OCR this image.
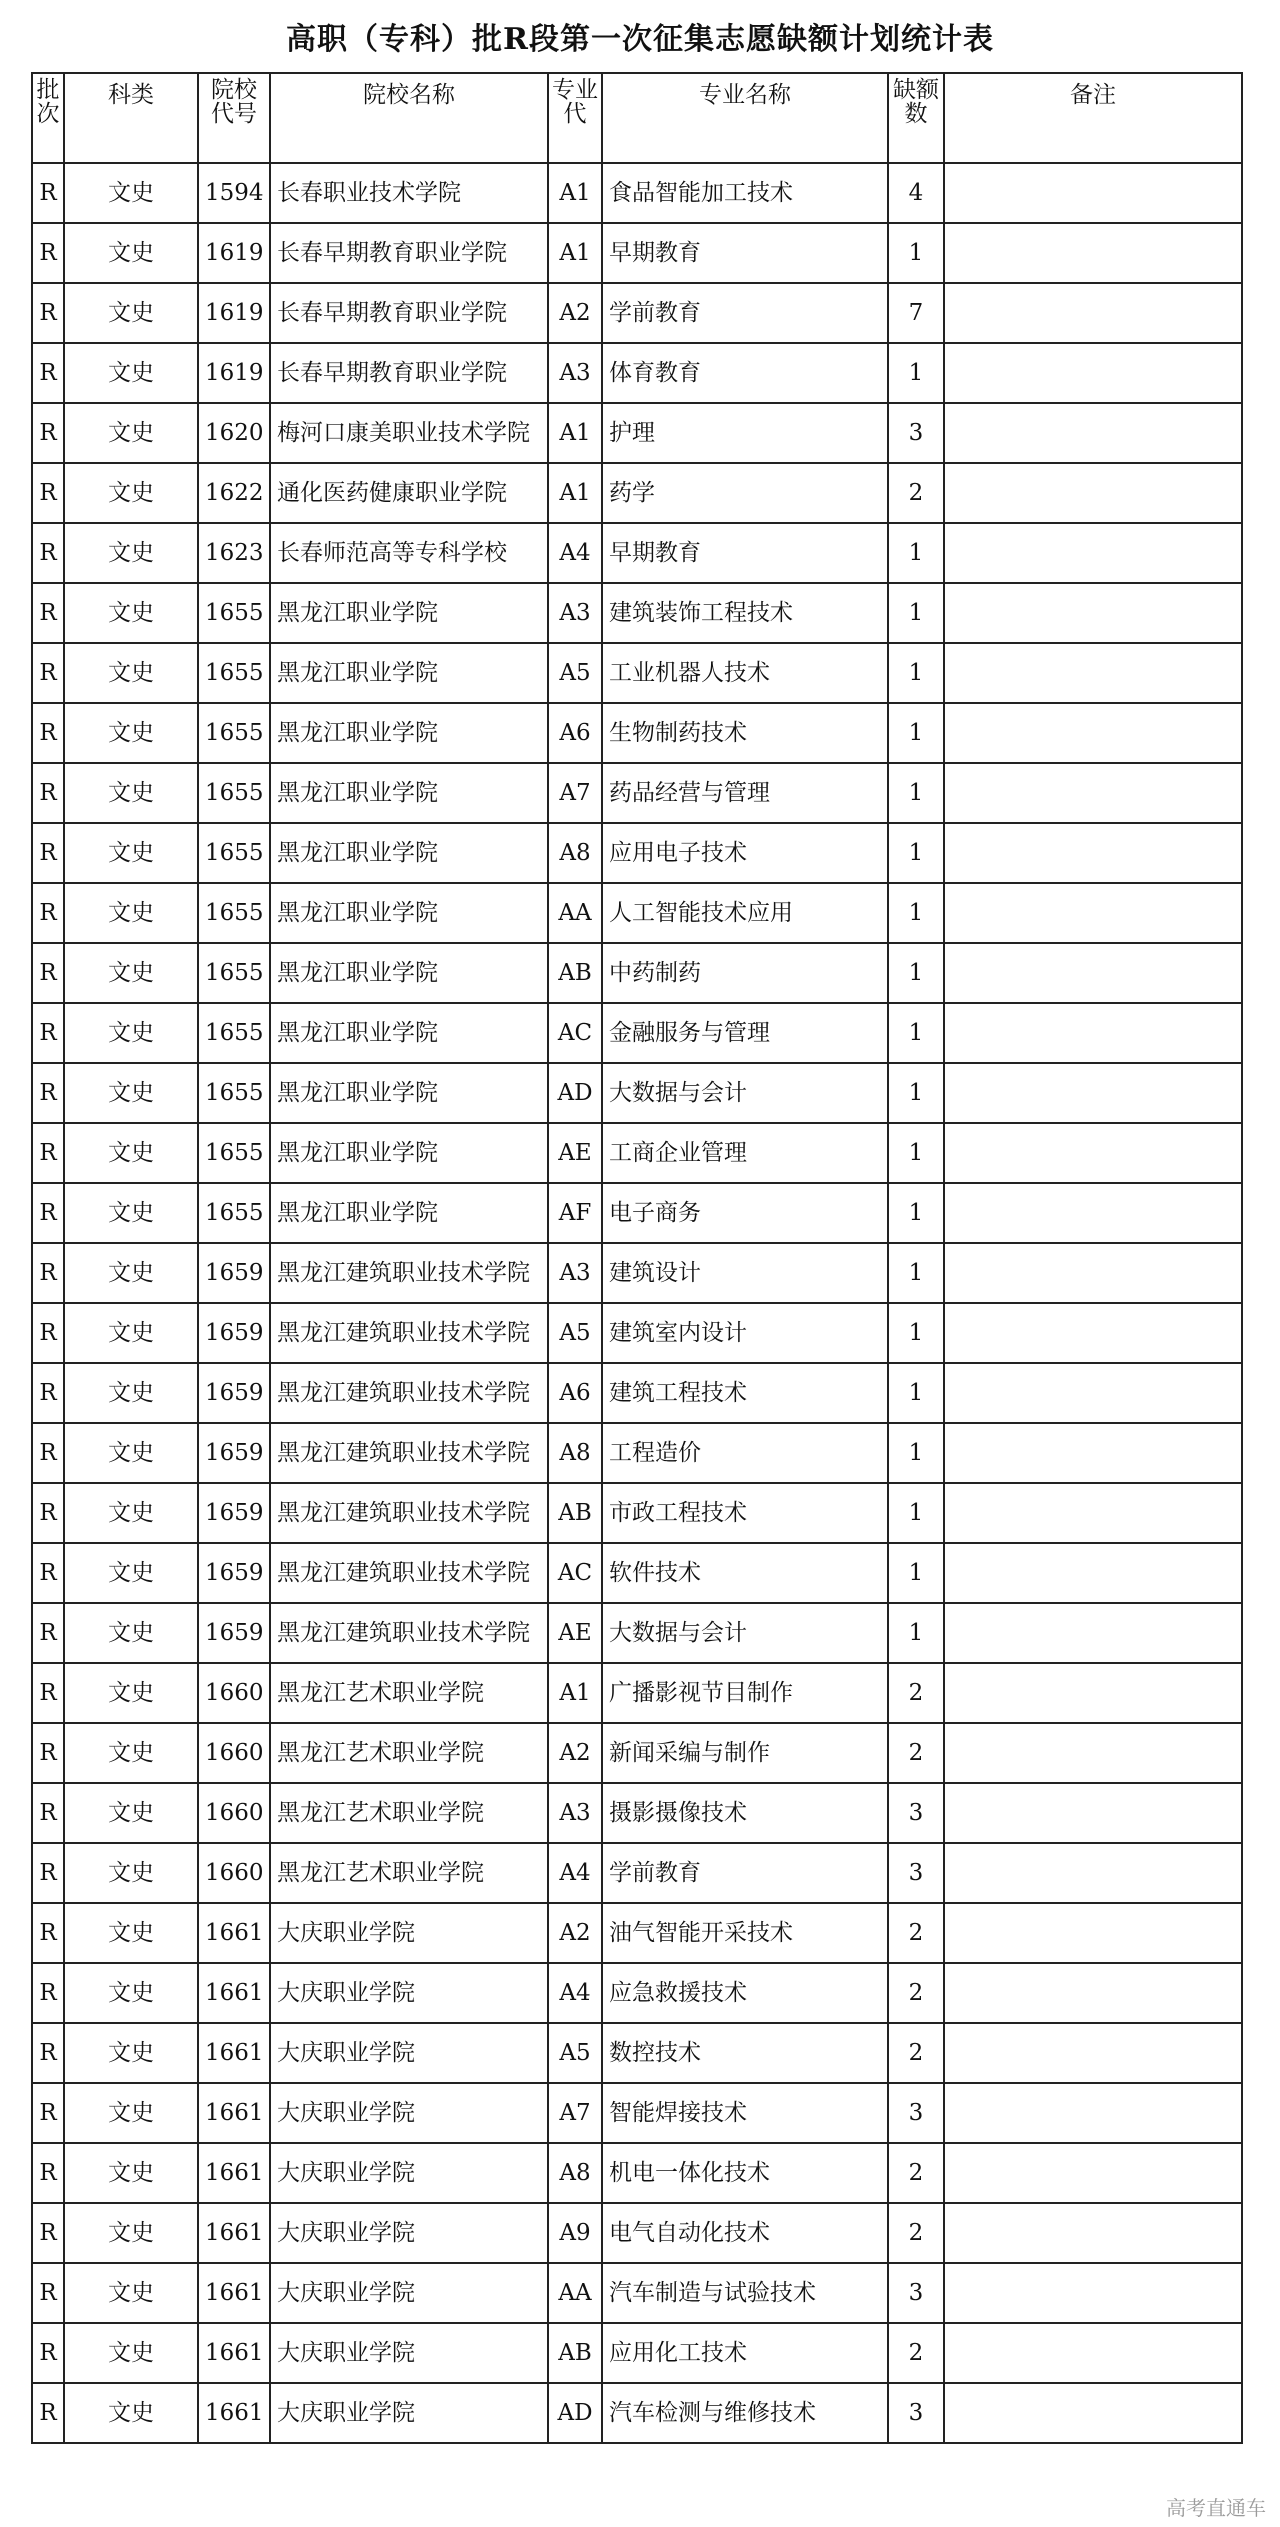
高职（专科）批R段第一次征集志愿缺额计划统计表
批次	科类	院校代号	院校名称	专业代	专业名称	缺额数	备注
R	文史	1594	长春职业技术学院	A1	食品智能加工技术	4	
R	文史	1619	长春早期教育职业学院	A1	早期教育	1	
R	文史	1619	长春早期教育职业学院	A2	学前教育	7	
R	文史	1619	长春早期教育职业学院	A3	体育教育	1	
R	文史	1620	梅河口康美职业技术学院	A1	护理	3	
R	文史	1622	通化医药健康职业学院	A1	药学	2	
R	文史	1623	长春师范高等专科学校	A4	早期教育	1	
R	文史	1655	黑龙江职业学院	A3	建筑装饰工程技术	1	
R	文史	1655	黑龙江职业学院	A5	工业机器人技术	1	
R	文史	1655	黑龙江职业学院	A6	生物制药技术	1	
R	文史	1655	黑龙江职业学院	A7	药品经营与管理	1	
R	文史	1655	黑龙江职业学院	A8	应用电子技术	1	
R	文史	1655	黑龙江职业学院	AA	人工智能技术应用	1	
R	文史	1655	黑龙江职业学院	AB	中药制药	1	
R	文史	1655	黑龙江职业学院	AC	金融服务与管理	1	
R	文史	1655	黑龙江职业学院	AD	大数据与会计	1	
R	文史	1655	黑龙江职业学院	AE	工商企业管理	1	
R	文史	1655	黑龙江职业学院	AF	电子商务	1	
R	文史	1659	黑龙江建筑职业技术学院	A3	建筑设计	1	
R	文史	1659	黑龙江建筑职业技术学院	A5	建筑室内设计	1	
R	文史	1659	黑龙江建筑职业技术学院	A6	建筑工程技术	1	
R	文史	1659	黑龙江建筑职业技术学院	A8	工程造价	1	
R	文史	1659	黑龙江建筑职业技术学院	AB	市政工程技术	1	
R	文史	1659	黑龙江建筑职业技术学院	AC	软件技术	1	
R	文史	1659	黑龙江建筑职业技术学院	AE	大数据与会计	1	
R	文史	1660	黑龙江艺术职业学院	A1	广播影视节目制作	2	
R	文史	1660	黑龙江艺术职业学院	A2	新闻采编与制作	2	
R	文史	1660	黑龙江艺术职业学院	A3	摄影摄像技术	3	
R	文史	1660	黑龙江艺术职业学院	A4	学前教育	3	
R	文史	1661	大庆职业学院	A2	油气智能开采技术	2	
R	文史	1661	大庆职业学院	A4	应急救援技术	2	
R	文史	1661	大庆职业学院	A5	数控技术	2	
R	文史	1661	大庆职业学院	A7	智能焊接技术	3	
R	文史	1661	大庆职业学院	A8	机电一体化技术	2	
R	文史	1661	大庆职业学院	A9	电气自动化技术	2	
R	文史	1661	大庆职业学院	AA	汽车制造与试验技术	3	
R	文史	1661	大庆职业学院	AB	应用化工技术	2	
R	文史	1661	大庆职业学院	AD	汽车检测与维修技术	3	
高考直通车
